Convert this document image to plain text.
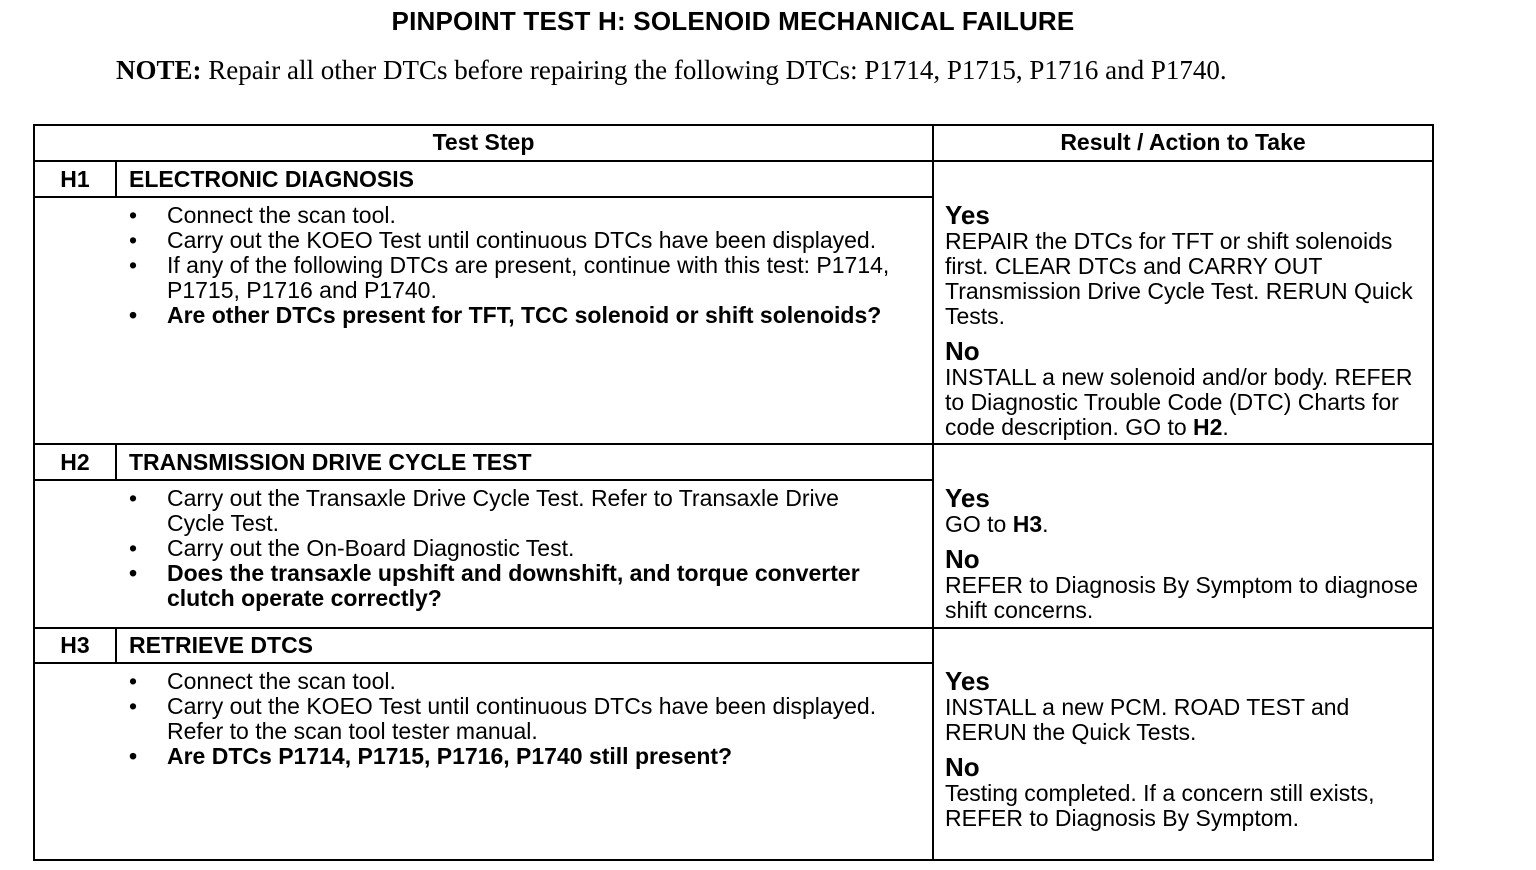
PINPOINT TEST H: SOLENOID MECHANICAL FAILURE
NOTE: Repair all other DTCs before repairing the following DTCs: P1714, P1715, P1716 and P1740.
Test Step	Result / Action to Take
H1	ELECTRONIC DIAGNOSIS
• Connect the scan tool.
• Carry out the KOEO Test until continuous DTCs have been displayed.
• If any of the following DTCs are present, continue with this test: P1714, P1715, P1716 and P1740.
• Are other DTCs present for TFT, TCC solenoid or shift solenoids?
Yes
REPAIR the DTCs for TFT or shift solenoids first. CLEAR DTCs and CARRY OUT Transmission Drive Cycle Test. RERUN Quick Tests.
No
INSTALL a new solenoid and/or body. REFER to Diagnostic Trouble Code (DTC) Charts for code description. GO to H2.
H2	TRANSMISSION DRIVE CYCLE TEST
• Carry out the Transaxle Drive Cycle Test. Refer to Transaxle Drive Cycle Test.
• Carry out the On-Board Diagnostic Test.
• Does the transaxle upshift and downshift, and torque converter clutch operate correctly?
Yes
GO to H3.
No
REFER to Diagnosis By Symptom to diagnose shift concerns.
H3	RETRIEVE DTCS
• Connect the scan tool.
• Carry out the KOEO Test until continuous DTCs have been displayed. Refer to the scan tool tester manual.
• Are DTCs P1714, P1715, P1716, P1740 still present?
Yes
INSTALL a new PCM. ROAD TEST and RERUN the Quick Tests.
No
Testing completed. If a concern still exists, REFER to Diagnosis By Symptom.
